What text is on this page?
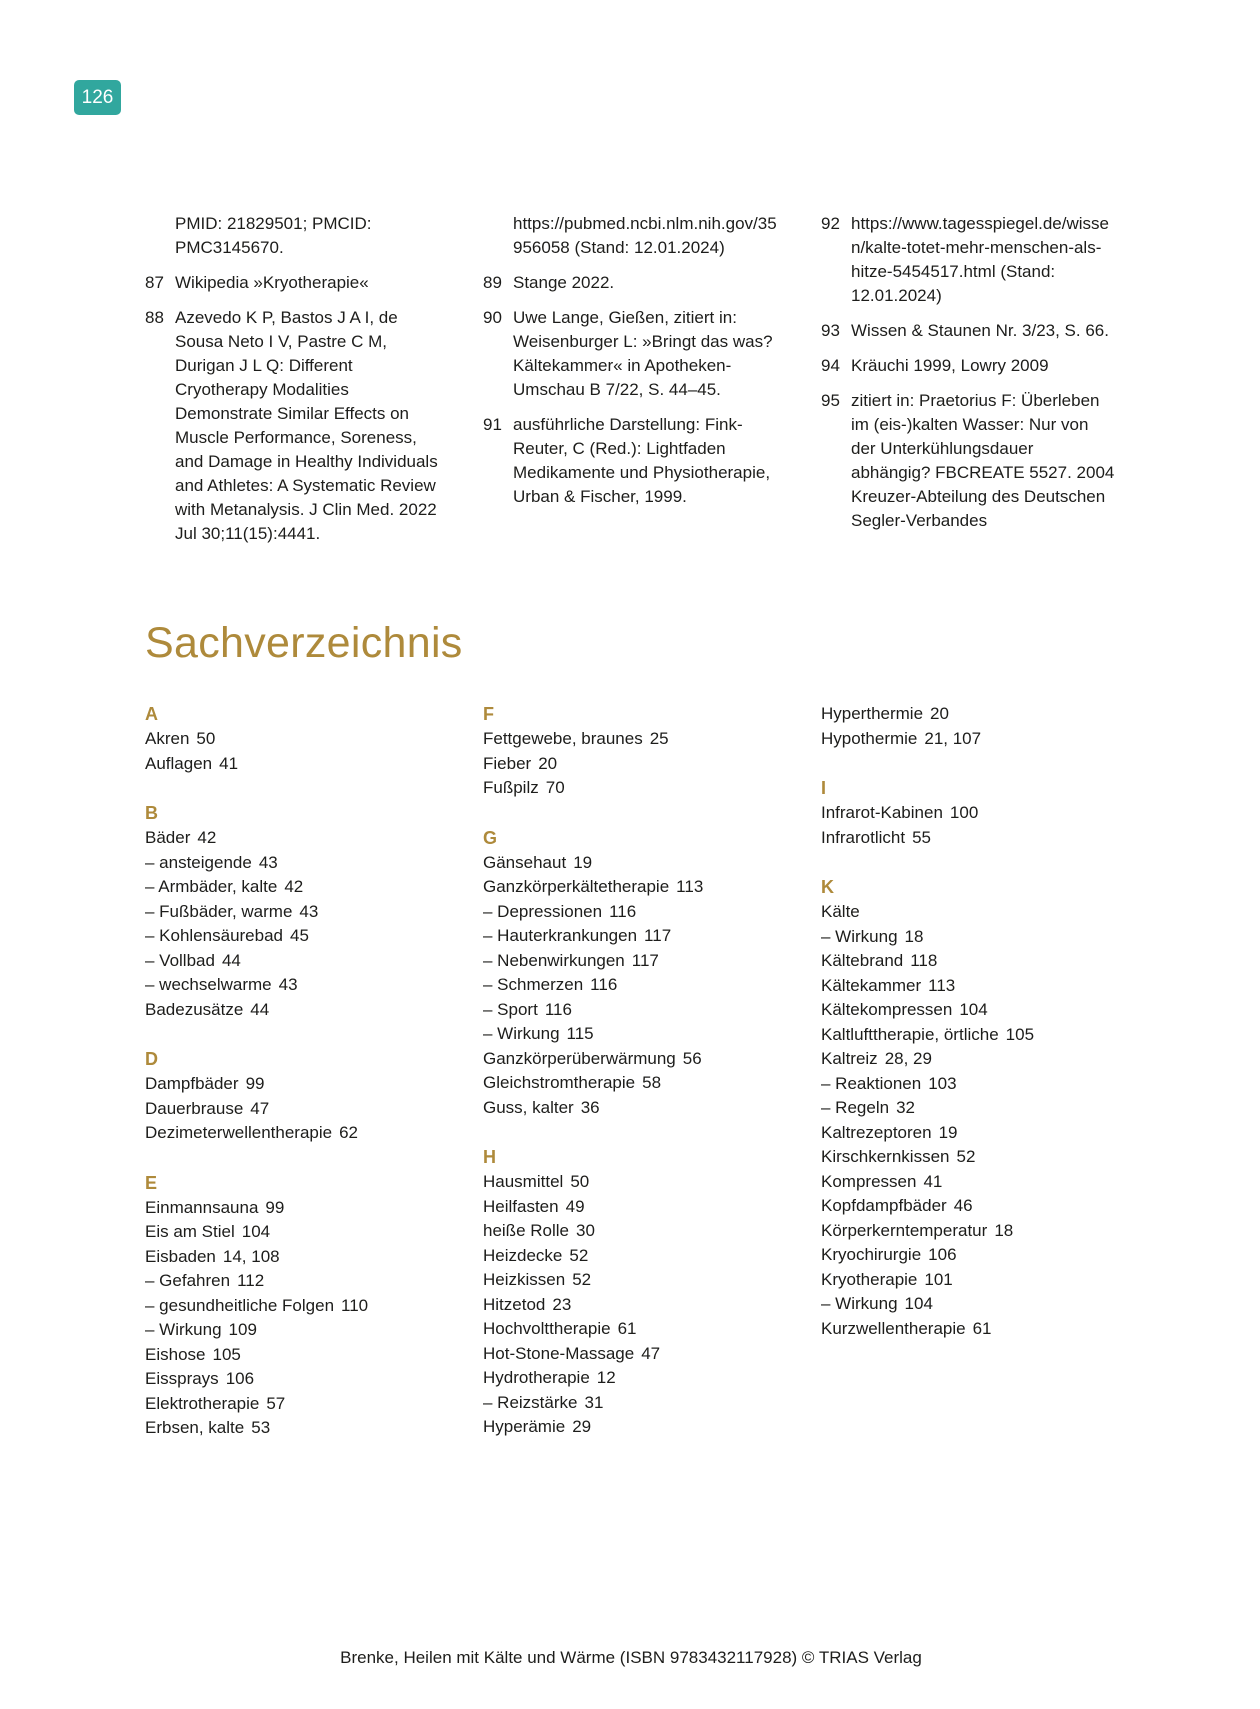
126
PMID: 21829501; PMCID: PMC3145670.
87 Wikipedia »Kryotherapie«
88 Azevedo K P, Bastos J A I, de Sousa Neto I V, Pastre C M, Durigan J L Q: Different Cryotherapy Modalities Demonstrate Similar Effects on Muscle Performance, Soreness, and Damage in Healthy Individuals and Athletes: A Systematic Review with Metanalysis. J Clin Med. 2022 Jul 30;11(15):4441.
https://pubmed.ncbi.nlm.nih.gov/35956058 (Stand: 12.01.2024)
89 Stange 2022.
90 Uwe Lange, Gießen, zitiert in: Weisenburger L: »Bringt das was? Kältekammer« in Apotheken-Umschau B 7/22, S. 44–45.
91 ausführliche Darstellung: Fink-Reuter, C (Red.): Lightfaden Medikamente und Physiotherapie, Urban & Fischer, 1999.
92 https://www.tagesspiegel.de/wissen/kalte-totet-mehr-menschen-als-hitze-5454517.html (Stand: 12.01.2024)
93 Wissen & Staunen Nr. 3/23, S. 66.
94 Kräuchi 1999, Lowry 2009
95 zitiert in: Praetorius F: Überleben im (eis-)kalten Wasser: Nur von der Unterkühlungsdauer abhängig? FBCREATE 5527. 2004 Kreuzer-Abteilung des Deutschen Segler-Verbandes
Sachverzeichnis
A
Akren 50
Auflagen 41
B
Bäder 42
– ansteigende 43
– Armbäder, kalte 42
– Fußbäder, warme 43
– Kohlensäurebad 45
– Vollbad 44
– wechselwarme 43
Badezusätze 44
D
Dampfbäder 99
Dauerbrause 47
Dezimeterwellentherapie 62
E
Einmannsauna 99
Eis am Stiel 104
Eisbaden 14, 108
– Gefahren 112
– gesundheitliche Folgen 110
– Wirkung 109
Eishose 105
Eissprays 106
Elektrotherapie 57
Erbsen, kalte 53
F
Fettgewebe, braunes 25
Fieber 20
Fußpilz 70
G
Gänsehaut 19
Ganzkörperkältetherapie 113
– Depressionen 116
– Hauterkrankungen 117
– Nebenwirkungen 117
– Schmerzen 116
– Sport 116
– Wirkung 115
Ganzkörperüberwärmung 56
Gleichstromtherapie 58
Guss, kalter 36
H
Hausmittel 50
Heilfasten 49
heiße Rolle 30
Heizdecke 52
Heizkissen 52
Hitzetod 23
Hochvolttherapie 61
Hot-Stone-Massage 47
Hydrotherapie 12
– Reizstärke 31
Hyperämie 29
Hyperthermie 20
Hypothermie 21, 107
I
Infrarot-Kabinen 100
Infrarotlicht 55
K
Kälte
– Wirkung 18
Kältebrand 118
Kältekammer 113
Kältekompressen 104
Kaltlufttherapie, örtliche 105
Kaltreiz 28, 29
– Reaktionen 103
– Regeln 32
Kaltrezeptoren 19
Kirschkernkissen 52
Kompressen 41
Kopfdampfbäder 46
Körperkerntemperatur 18
Kryochirurgie 106
Kryotherapie 101
– Wirkung 104
Kurzwellentherapie 61
Brenke, Heilen mit Kälte und Wärme (ISBN 9783432117928) © TRIAS Verlag
